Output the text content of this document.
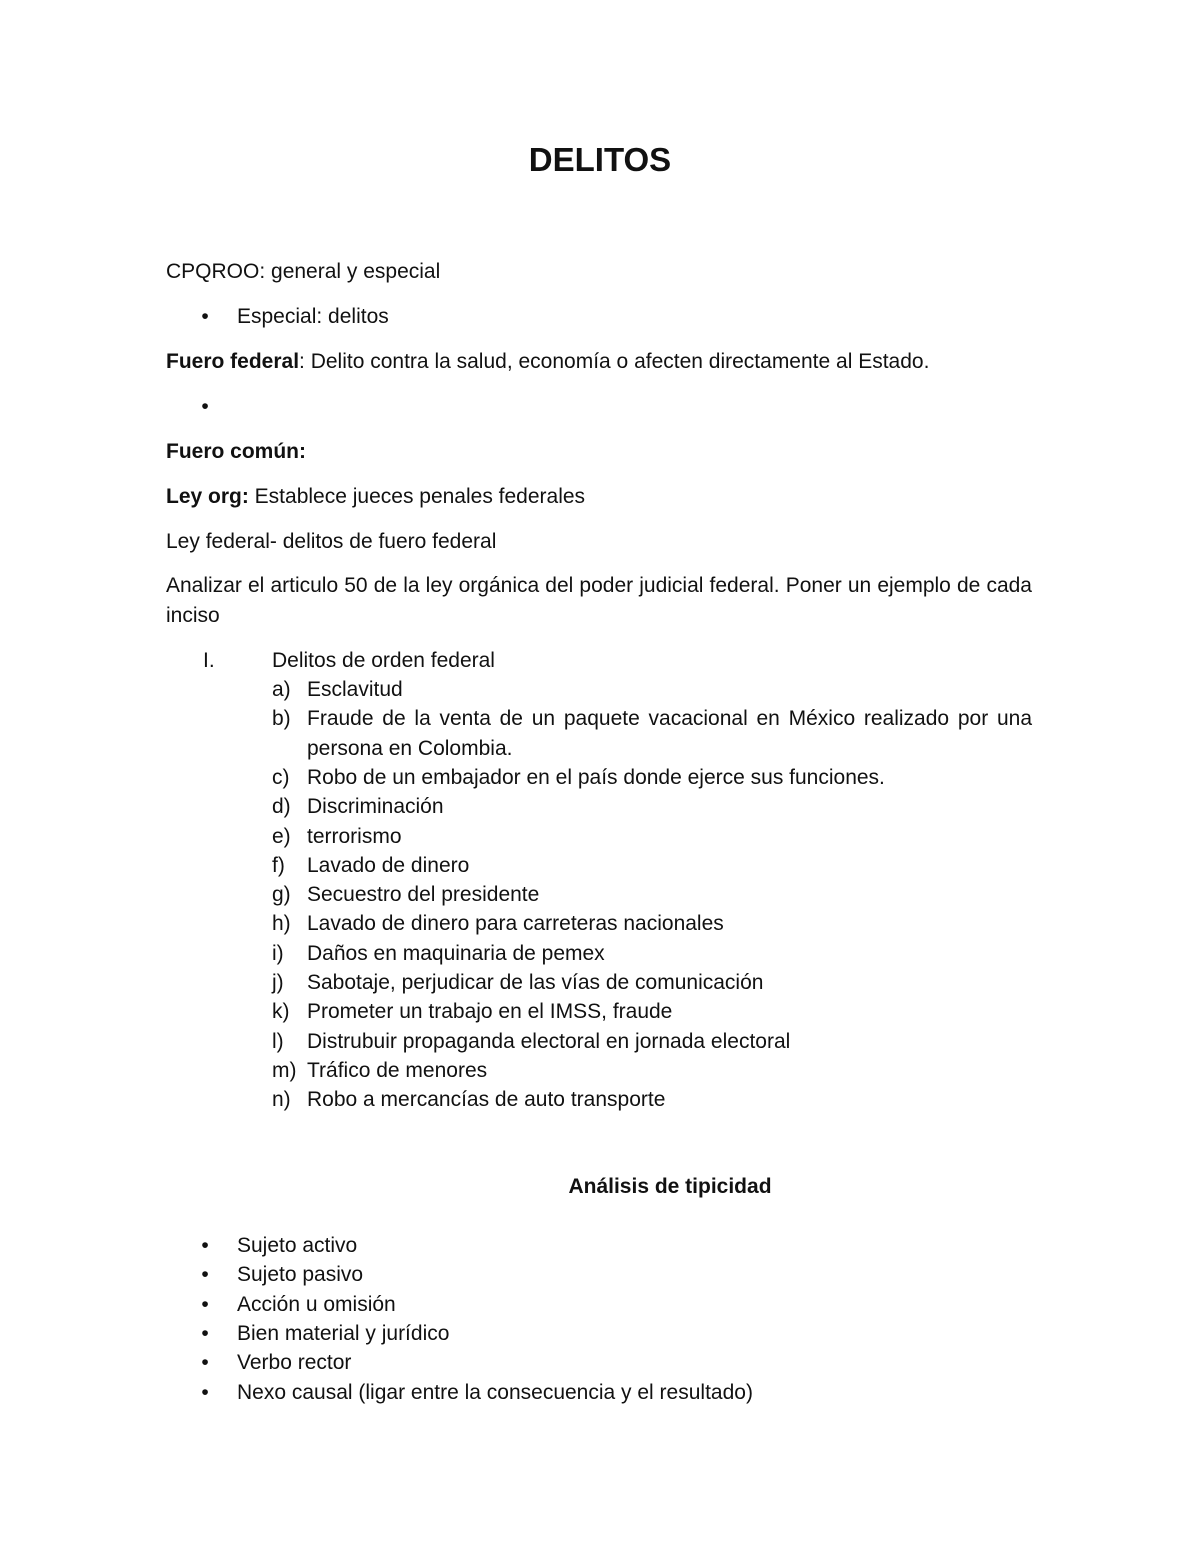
DELITOS
CPQROO: general y especial
• Especial: delitos
Fuero federal: Delito contra la salud, economía o afecten directamente al Estado.
•
Fuero común:
Ley org: Establece jueces penales federales
Ley federal- delitos de fuero federal
Analizar el articulo 50 de la ley orgánica del poder judicial federal. Poner un ejemplo de cada inciso
I.	Delitos de orden federal
a) Esclavitud
b) Fraude de la venta de un paquete vacacional en México realizado por una persona en Colombia.
c) Robo de un embajador en el país donde ejerce sus funciones.
d) Discriminación
e) terrorismo
f) Lavado de dinero
g) Secuestro del presidente
h) Lavado de dinero para carreteras nacionales
i) Daños en maquinaria de pemex
j) Sabotaje, perjudicar de las vías de comunicación
k) Prometer un trabajo en el IMSS, fraude
l) Distrubuir propaganda electoral en jornada electoral
m) Tráfico de menores
n) Robo a mercancías de auto transporte
Análisis de tipicidad
• Sujeto activo
• Sujeto pasivo
• Acción u omisión
• Bien material y jurídico
• Verbo rector
• Nexo causal (ligar entre la consecuencia y el resultado)
